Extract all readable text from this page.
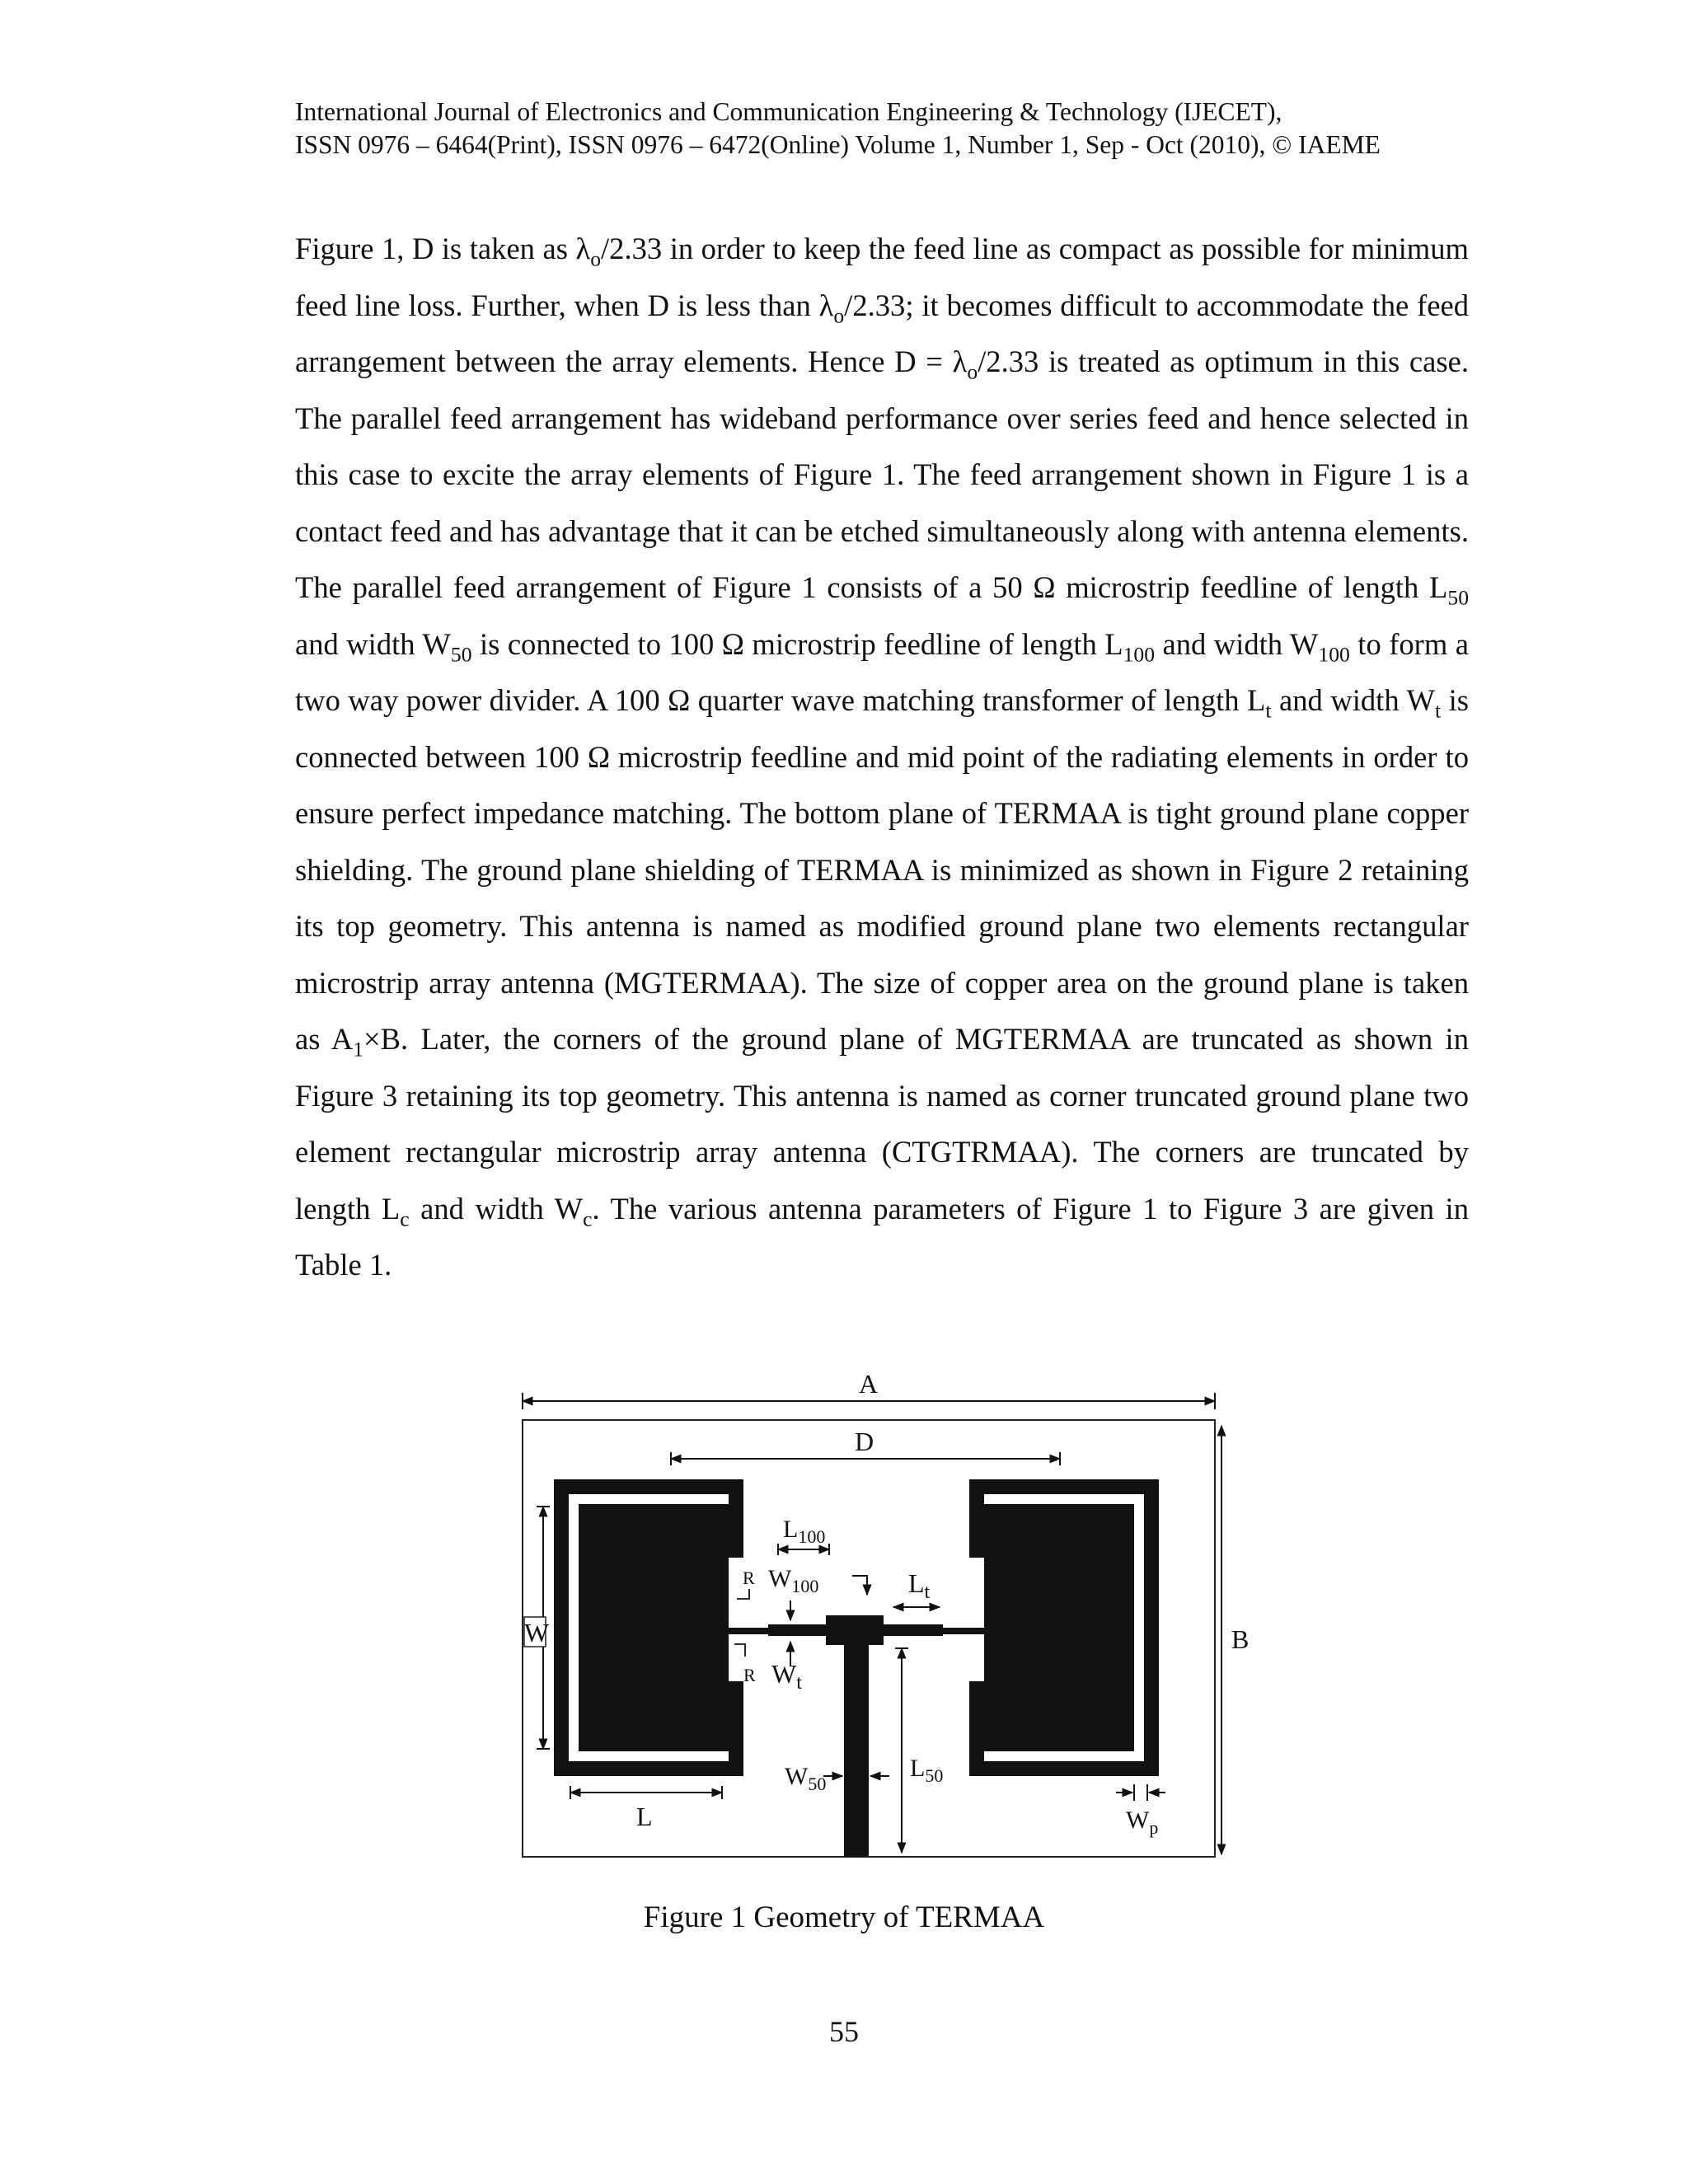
International Journal of Electronics and Communication Engineering & Technology (IJECET),
ISSN 0976 – 6464(Print), ISSN 0976 – 6472(Online) Volume 1, Number 1, Sep - Oct (2010), © IAEME

Figure 1, D is taken as $\lambda_o/2.33$ in order to keep the feed line as compact as possible for minimum feed line loss. Further, when D is less than $\lambda_o/2.33$; it becomes difficult to accommodate the feed arrangement between the array elements. Hence $D = \lambda_o/2.33$ is treated as optimum in this case. The parallel feed arrangement has wideband performance over series feed and hence selected in this case to excite the array elements of Figure 1. The feed arrangement shown in Figure 1 is a contact feed and has advantage that it can be etched simultaneously along with antenna elements. The parallel feed arrangement of Figure 1 consists of a 50 Ω microstrip feedline of length $L_{50}$ and width $W_{50}$ is connected to 100 Ω microstrip feedline of length $L_{100}$ and width $W_{100}$ to form a two way power divider. A 100 Ω quarter wave matching transformer of length $L_t$ and width $W_t$ is connected between 100 Ω microstrip feedline and mid point of the radiating elements in order to ensure perfect impedance matching. The bottom plane of TERMAA is tight ground plane copper shielding. The ground plane shielding of TERMAA is minimized as shown in Figure 2 retaining its top geometry. This antenna is named as modified ground plane two elements rectangular microstrip array antenna (MGTERMAA). The size of copper area on the ground plane is taken as $A_1\times B$. Later, the corners of the ground plane of MGTERMAA are truncated as shown in Figure 3 retaining its top geometry. This antenna is named as corner truncated ground plane two element rectangular microstrip array antenna (CTGTRMAA). The corners are truncated by length $L_c$ and width $W_c$. The various antenna parameters of Figure 1 to Figure 3 are given in Table 1.

A
B
D
W
L
$L_{100}$
R
R
$W_{100}$	$L_t$
$W_t$
$W_{50}$
$L_{50}$
$W_p$
Figure 1 Geometry of TERMAA
55
